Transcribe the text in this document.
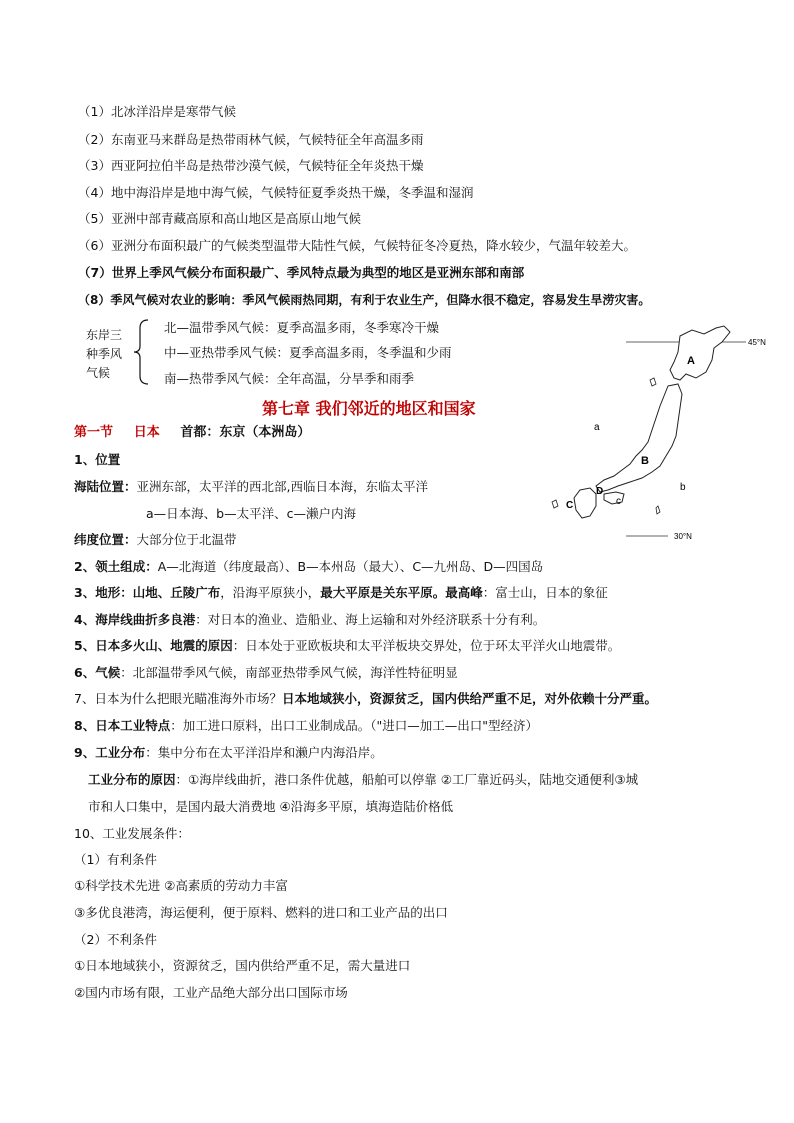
（1）北冰洋沿岸是寒带气候
（2）东南亚马来群岛是热带雨林气候，气候特征全年高温多雨
（3）西亚阿拉伯半岛是热带沙漠气候，气候特征全年炎热干燥
（4）地中海沿岸是地中海气候，气候特征夏季炎热干燥，冬季温和湿润
（5）亚洲中部青藏高原和高山地区是高原山地气候
（6）亚洲分布面积最广的气候类型温带大陆性气候，气候特征冬冷夏热，降水较少，气温年较差大。
（7）世界上季风气候分布面积最广、季风特点最为典型的地区是亚洲东部和南部
（8）季风气候对农业的影响：季风气候雨热同期，有利于农业生产，但降水很不稳定，容易发生旱涝灾害。
东岸三
种季风
气候
北—温带季风气候：夏季高温多雨，冬季寒冷干燥
中—亚热带季风气候：夏季高温多雨，冬季温和少雨
南—热带季风气候：全年高温，分旱季和雨季
第七章 我们邻近的地区和国家
第一节 日本 首都：东京（本洲岛）
1、位置
海陆位置：亚洲东部，太平洋的西北部,西临日本海，东临太平洋
a—日本海、b—太平洋、c—濑户内海
纬度位置：大部分位于北温带
2、领土组成：A—北海道（纬度最高）、B—本州岛（最大）、C—九州岛、D—四国岛
3、地形：山地、丘陵广布，沿海平原狭小，最大平原是关东平原。最高峰：富士山，日本的象征
4、海岸线曲折多良港：对日本的渔业、造船业、海上运输和对外经济联系十分有利。
5、日本多火山、地震的原因：日本处于亚欧板块和太平洋板块交界处，位于环太平洋火山地震带。
6、气候：北部温带季风气候，南部亚热带季风气候，海洋性特征明显
7、日本为什么把眼光瞄准海外市场？日本地域狭小，资源贫乏，国内供给严重不足，对外依赖十分严重。
8、日本工业特点：加工进口原料，出口工业制成品。（"进口—加工—出口"型经济）
9、工业分布：集中分布在太平洋沿岸和濑户内海沿岸。
工业分布的原因：①海岸线曲折，港口条件优越，船舶可以停靠 ②工厂靠近码头，陆地交通便利③城
市和人口集中，是国内最大消费地 ④沿海多平原，填海造陆价格低
10、工业发展条件：
（1）有利条件
①科学技术先进 ②高素质的劳动力丰富
③多优良港湾，海运便利，便于原料、燃料的进口和工业产品的出口
（2）不利条件
①日本地域狭小，资源贫乏，国内供给严重不足，需大量进口
②国内市场有限，工业产品绝大部分出口国际市场
45°N
30°N
A
B
C
D
a
b
c
